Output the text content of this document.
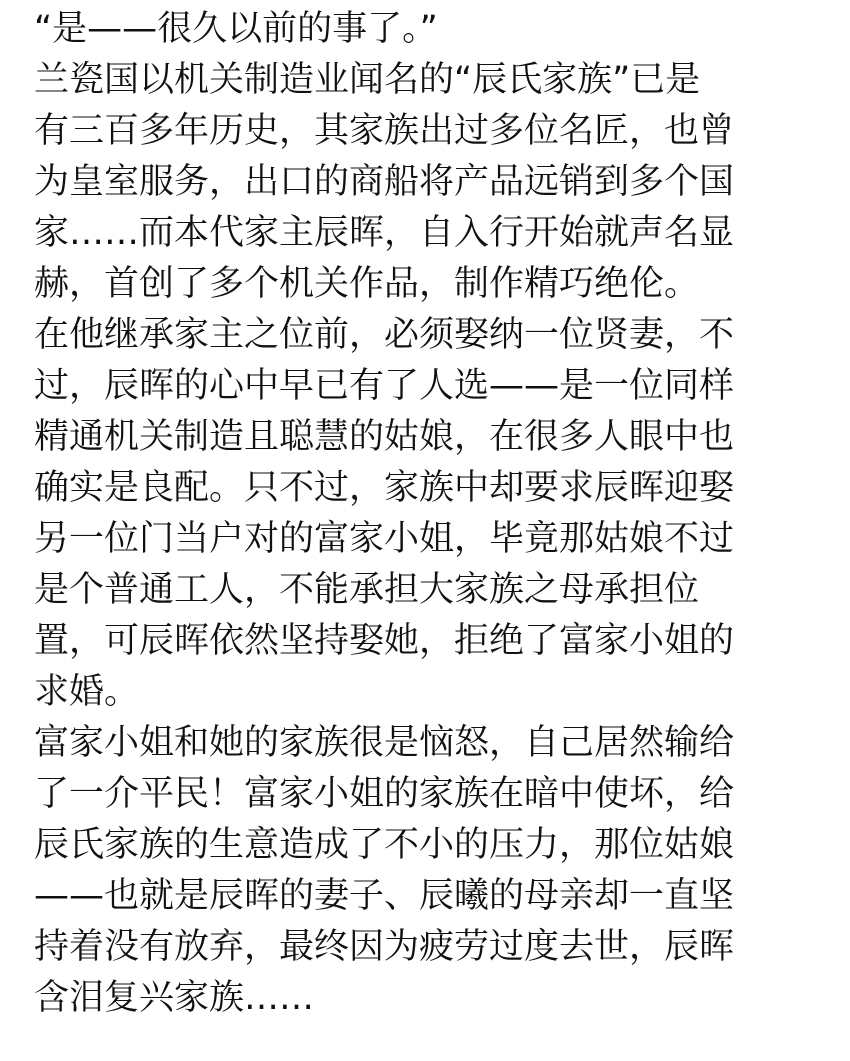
“是——很久以前的事了。”
兰瓷国以机关制造业闻名的“辰氏家族”已是
有三百多年历史，其家族出过多位名匠，也曾
为皇室服务，出口的商船将产品远销到多个国
家……而本代家主辰晖，自入行开始就声名显
赫，首创了多个机关作品，制作精巧绝伦。
在他继承家主之位前，必须娶纳一位贤妻，不
过，辰晖的心中早已有了人选——是一位同样
精通机关制造且聪慧的姑娘，在很多人眼中也
确实是良配。只不过，家族中却要求辰晖迎娶
另一位门当户对的富家小姐，毕竟那姑娘不过
是个普通工人，不能承担大家族之母承担位
置，可辰晖依然坚持娶她，拒绝了富家小姐的
求婚。
富家小姐和她的家族很是恼怒，自己居然输给
了一介平民！富家小姐的家族在暗中使坏，给
辰氏家族的生意造成了不小的压力，那位姑娘
——也就是辰晖的妻子、辰曦的母亲却一直坚
持着没有放弃，最终因为疲劳过度去世，辰晖
含泪复兴家族……
